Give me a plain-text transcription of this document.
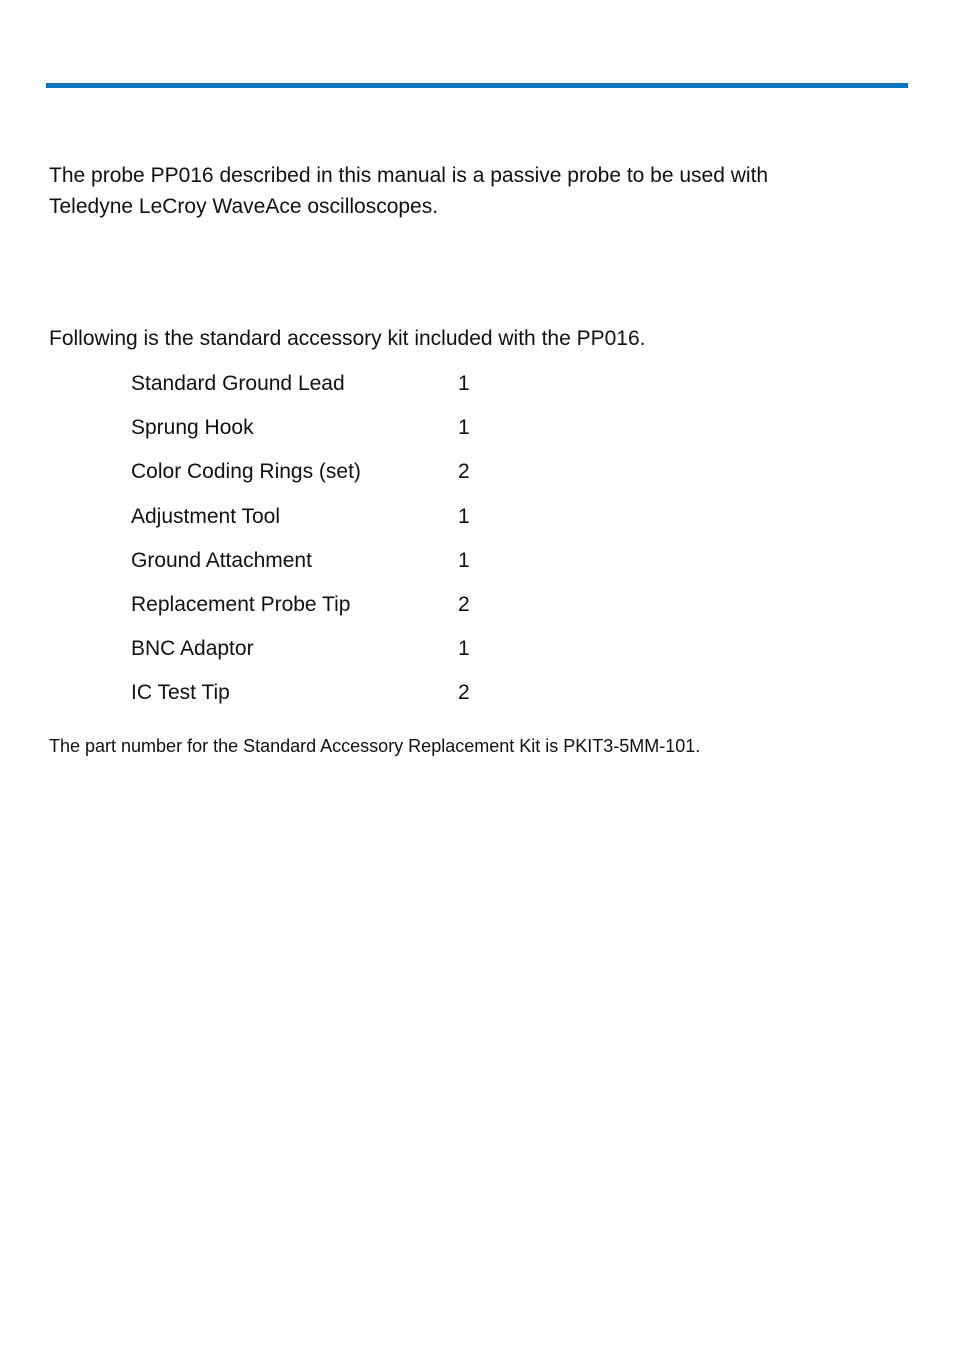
The probe PP016 described in this manual is a passive probe to be used with
Teledyne LeCroy WaveAce oscilloscopes.

Following is the standard accessory kit included with the PP016.

Standard Ground Lead	1
Sprung Hook	1
Color Coding Rings (set)	2
Adjustment Tool	1
Ground Attachment	1
Replacement Probe Tip	2
BNC Adaptor	1
IC Test Tip	2

The part number for the Standard Accessory Replacement Kit is PKIT3-5MM-101.
